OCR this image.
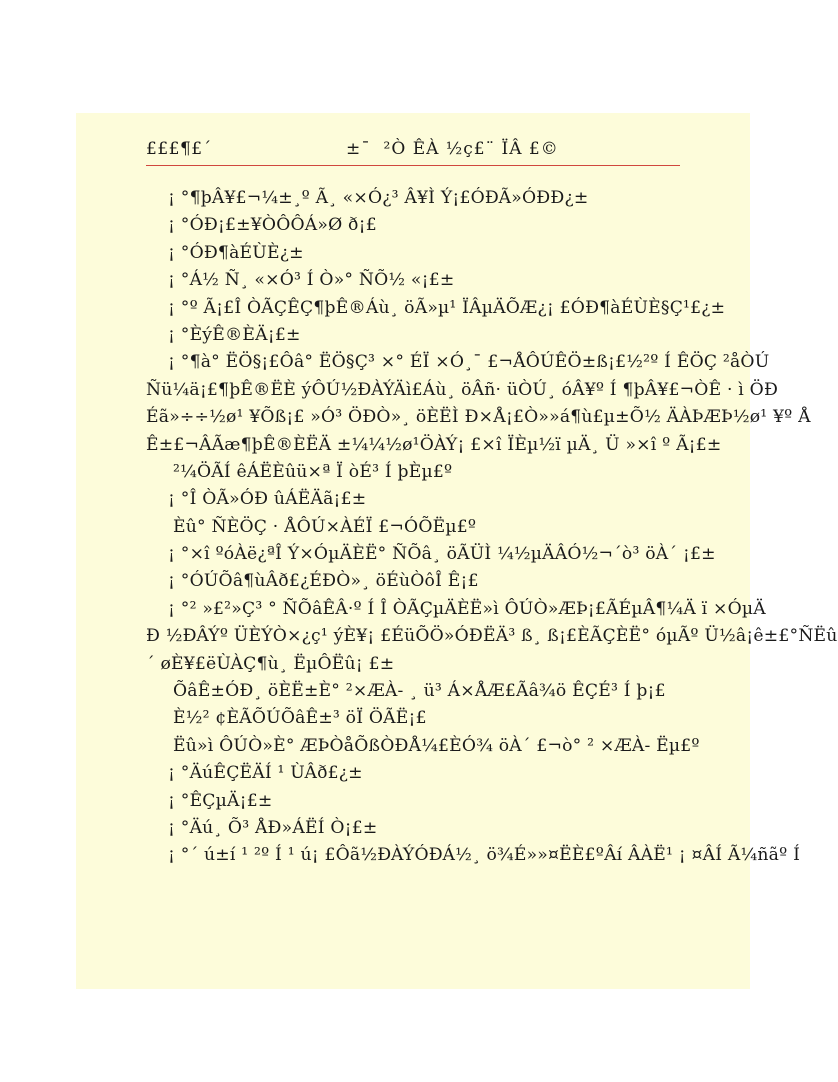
£££¶£´	±¯  ²Ò ÊÀ ½ç£¨ ÏÂ £©
¡ °¶þÂ¥£¬¼±¸º Ã¸ «×Ó¿³ Â¥Ì Ý¡£ÓÐÃ»ÓÐÐ¿±
¡ °ÓÐ¡£±¥ÒÔÔÁ»Ø ð¡£
¡ °ÓÐ¶àÉÙÈ¿±
¡ °Á½ Ñ¸ «×Ó³ Í Ò»° ÑÕ½ «¡£±
¡ °º Ã¡£Î ÒÃÇÊÇ¶þÊ®Áù¸ öÃ»µ¹ ÏÂµÄÕÆ¿¡ £ÓÐ¶àÉÙÈ§Ç¹£¿±
¡ °ÈýÊ®ÈÄ¡£±
¡ °¶à° ËÖ§¡£Ôâ° ËÖ§Ç³ ×° ÉÏ ×Ó¸¯ £¬ÅÔÚÊÖ±ß¡£½²º Í ÊÖÇ ²åÒÚ
Ñü¼ä¡£¶þÊ®ËÈ ýÔÚ½ÐÀÝÄì£Áù¸ öÂñ· üÒÚ¸ óÂ¥º Í ¶þÂ¥£¬ÒÊ · ì ÖÐ
Éã»÷÷½ø¹ ¥Õß¡£ »Ó³ ÖÐÒ»¸ öÈËÌ Ð×Å¡£Ò»»á¶ù£µ±Õ½ ÄÀÞÆÞ½ø¹ ¥º Å
Ê±£¬ÂÃæ¶þÊ®ÈËÄ ±¼¼½ø¹ÖÀÝ¡ £×î ÏÈµ½ï µÄ¸ Ü »×î º Ã¡£±
²¼ÖÃÍ êÁËÈûü×ª Ï òÉ³ Í þÈµ£º
¡ °Î ÒÃ»ÓÐ ûÁËÄã¡£±
Èû° ÑÈÖÇ · ÅÔÚ×ÀÉÏ £¬ÓÕËµ£º
¡ °×î ºóÀë¿ªÎ Ý×ÓµÄÈË° ÑÕâ¸ öÃÜÌ ¼½µÄÂÓ½¬´ò³ öÀ´ ¡£±
¡ °ÓÚÕâ¶ùÂð£¿ÉÐÒ»¸ öÉùÒôÎ Ê¡£
¡ °² »£²»Ç³ ° ÑÕâÊÂ·º Í Î ÒÃÇµÄÈË»ì ÔÚÒ»ÆÞ¡£ÃÉµÂ¶¼Ä ï ×ÓµÄ
Ð ½ÐÂÝº ÜÈÝÒ×¿ç¹ ýÈ¥¡ £ÉüÕÖ»ÓÐËÄ³ ß¸ ß¡£ÈÃÇÈË° óµÃº Ü½â¡ê±£°ÑËû
´ øÈ¥£ëÙÀÇ¶ù¸ ËµÔËû¡ £±
ÕâÊ±ÓÐ¸ öÈË±È° ²×ÆÀ- ¸ ü³ Á×ÅÆ£Ãâ¾ö ÊÇÉ³ Í þ¡£
È½² ¢ÈÃÕÚÕâÊ±³ öÏ ÖÃË¡£
Ëû»ì ÔÚÒ»È° ÆÞÒåÕßÒÐÅ¼£ÈÓ¾ öÀ´ £¬ò° ² ×ÆÀ- Ëµ£º
¡ °ÄúÊÇËÄÍ ¹ ÙÂð£¿±
¡ °ÊÇµÄ¡£±
¡ °Äú¸ Õ³ ÅÐ»ÁËÍ Ò¡£±
¡ °´ ú±í ¹ ²º Í ¹ ú¡ £Ôã½ÐÀÝÓÐÁ½¸ ö¾É»»¤ËÈ£ºÂí ÂÀË¹ ¡ ¤ÂÍ Ã¼ñãº Í
